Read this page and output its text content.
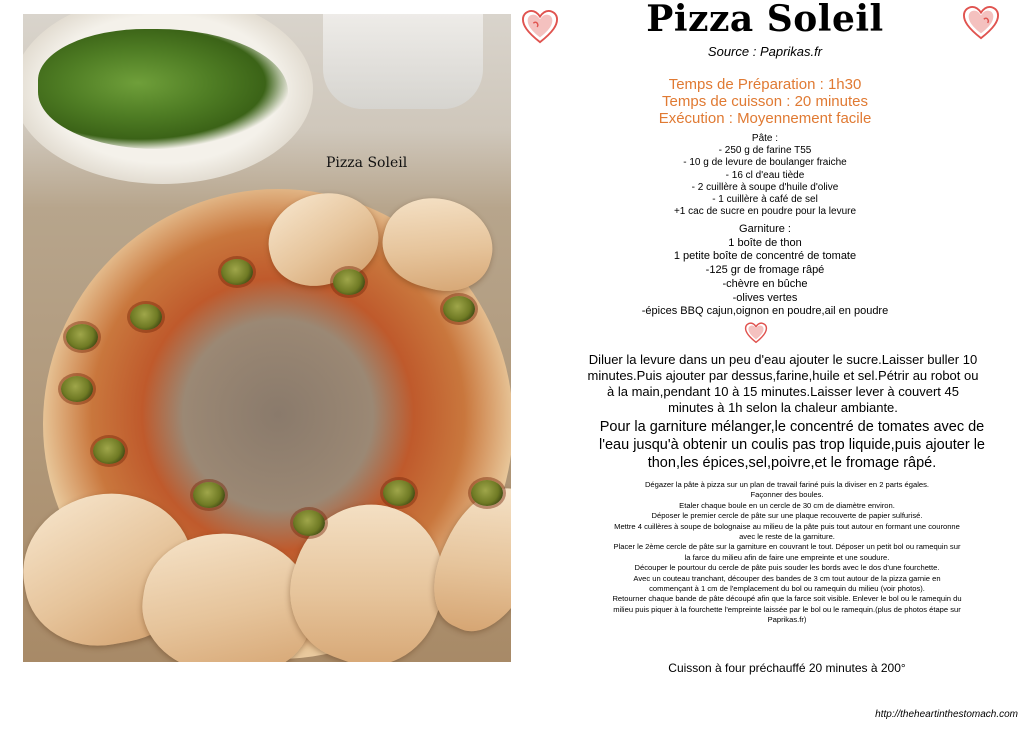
Pizza Soleil
Pizza Soleil
Source : Paprikas.fr
Temps de Préparation : 1h30
Temps de cuisson : 20 minutes
Exécution : Moyennement facile
Pâte :
- 250 g de farine T55
- 10 g de levure de boulanger fraiche
- 16 cl d'eau tiède
- 2 cuillère à soupe d'huile d'olive
- 1 cuillère à café de sel
+1 cac de sucre en poudre pour la levure
Garniture :
1 boîte de thon
1 petite boîte de concentré de tomate
-125 gr de fromage râpé
-chèvre en bûche
-olives vertes
-épices BBQ cajun,oignon en poudre,ail en poudre
Diluer la levure dans un peu d'eau ajouter le sucre.Laisser buller 10 minutes.Puis ajouter par dessus,farine,huile et sel.Pétrir au robot ou à la main,pendant 10 à 15 minutes.Laisser lever à couvert 45 minutes à 1h selon la chaleur ambiante.
Pour la garniture mélanger,le concentré de tomates avec de l'eau jusqu'à obtenir un coulis pas trop liquide,puis ajouter le thon,les épices,sel,poivre,et le fromage râpé.
Dégazer la pâte à pizza sur un plan de travail fariné puis la diviser en 2 parts égales.
Façonner des boules.
Etaler chaque boule en un cercle de 30 cm de diamètre environ.
Déposer le premier cercle de pâte sur une plaque recouverte de papier sulfurisé.
Mettre 4 cuillères à soupe de bolognaise au milieu de la pâte puis tout autour en formant une couronne avec le reste de la garniture.
Placer le 2ème cercle de pâte sur la garniture en couvrant le tout. Déposer un petit bol ou ramequin sur la farce du milieu afin de faire une empreinte et une soudure.
Découper le pourtour du cercle de pâte puis souder les bords avec le dos d'une fourchette.
Avec un couteau tranchant, découper des bandes de 3 cm tout autour de la pizza garnie en commençant à 1 cm de l'emplacement du bol ou ramequin du milieu (voir photos).
Retourner chaque bande de pâte découpé afin que la farce soit visible. Enlever le bol ou le ramequin du milieu puis piquer à la fourchette l'empreinte laissée par le bol ou le ramequin.(plus de photos étape sur Paprikas.fr)
Cuisson à four préchauffé 20 minutes à 200°
http://theheartinthestomach.com
